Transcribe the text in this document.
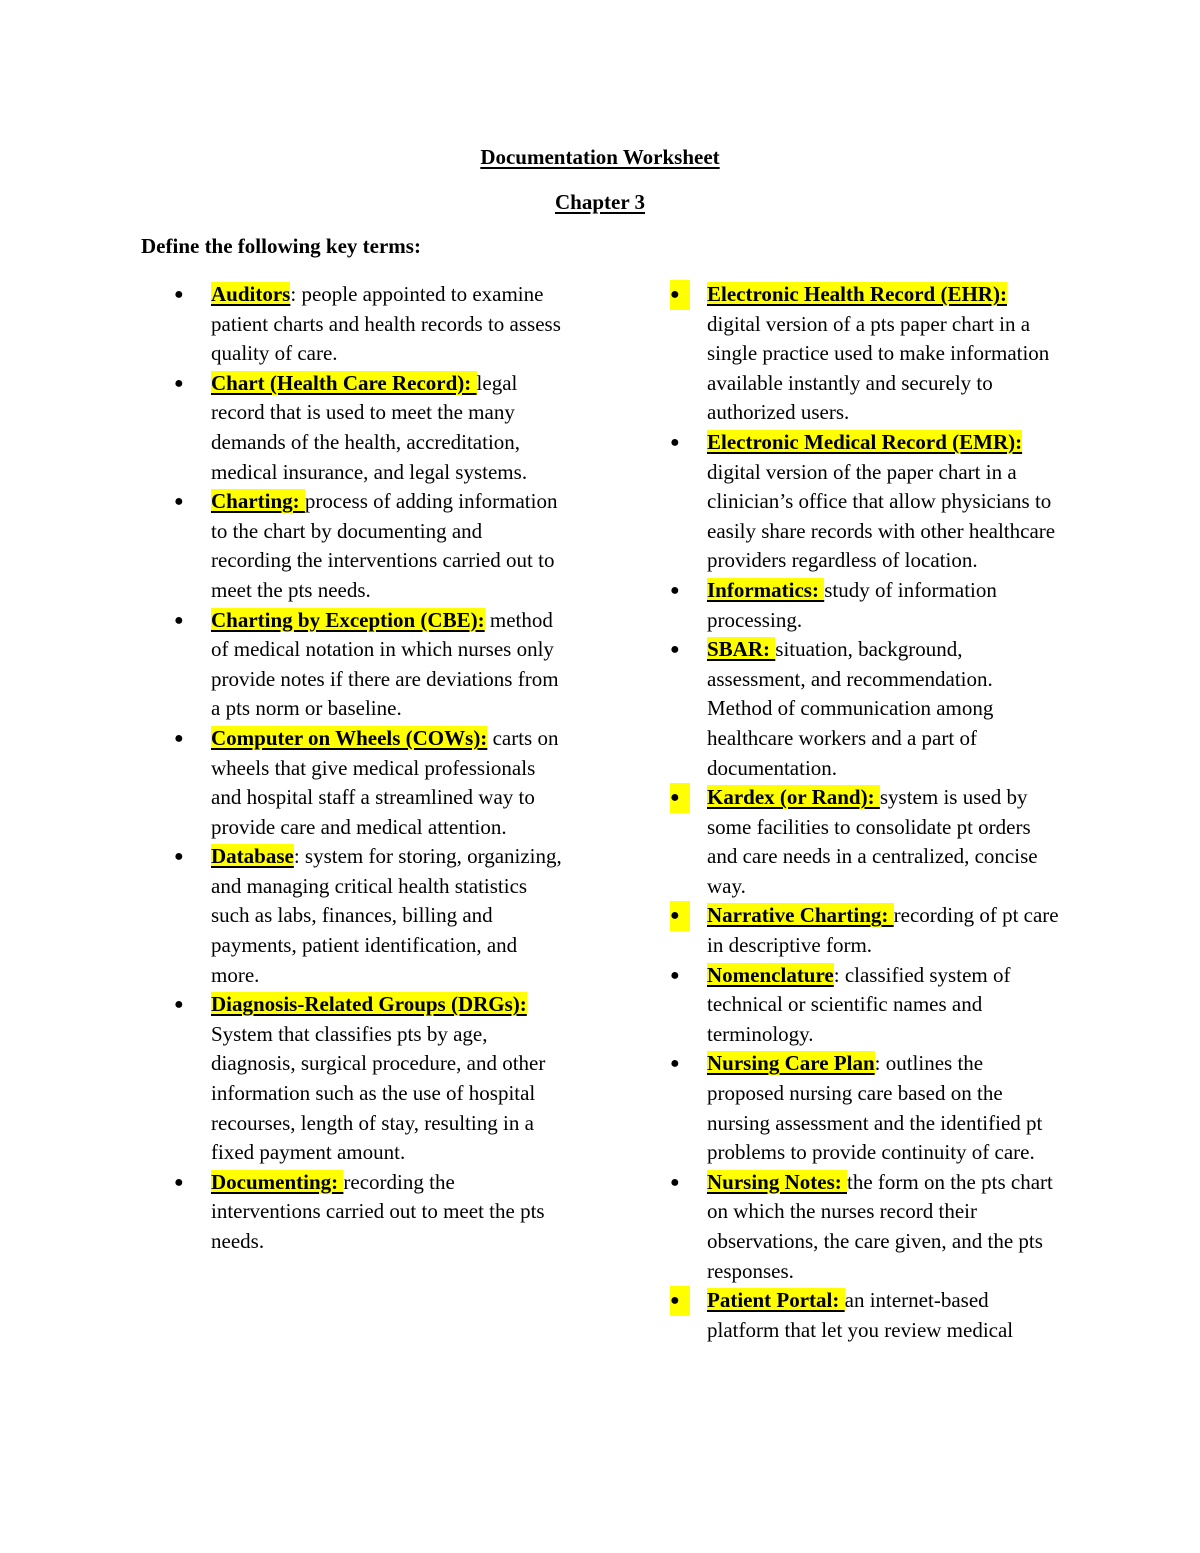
Documentation Worksheet
Chapter 3
Define the following key terms:
●	Auditors: people appointed to examine patient charts and health records to assess quality of care.
●	Chart (Health Care Record): legal record that is used to meet the many demands of the health, accreditation, medical insurance, and legal systems.
●	Charting: process of adding information to the chart by documenting and recording the interventions carried out to meet the pts needs.
●	Charting by Exception (CBE): method of medical notation in which nurses only provide notes if there are deviations from a pts norm or baseline.
●	Computer on Wheels (COWs): carts on wheels that give medical professionals and hospital staff a streamlined way to provide care and medical attention.
●	Database: system for storing, organizing, and managing critical health statistics such as labs, finances, billing and payments, patient identification, and more.
●	Diagnosis-Related Groups (DRGs): System that classifies pts by age, diagnosis, surgical procedure, and other information such as the use of hospital recourses, length of stay, resulting in a fixed payment amount.
●	Documenting: recording the interventions carried out to meet the pts needs.
●	Electronic Health Record (EHR): digital version of a pts paper chart in a single practice used to make information available instantly and securely to authorized users.
●	Electronic Medical Record (EMR): digital version of the paper chart in a clinician’s office that allow physicians to easily share records with other healthcare providers regardless of location.
●	Informatics: study of information processing.
●	SBAR: situation, background, assessment, and recommendation. Method of communication among healthcare workers and a part of documentation.
●	Kardex (or Rand): system is used by some facilities to consolidate pt orders and care needs in a centralized, concise way.
●	Narrative Charting: recording of pt care in descriptive form.
●	Nomenclature: classified system of technical or scientific names and terminology.
●	Nursing Care Plan: outlines the proposed nursing care based on the nursing assessment and the identified pt problems to provide continuity of care.
●	Nursing Notes: the form on the pts chart on which the nurses record their observations, the care given, and the pts responses.
●	Patient Portal: an internet-based platform that let you review medical
